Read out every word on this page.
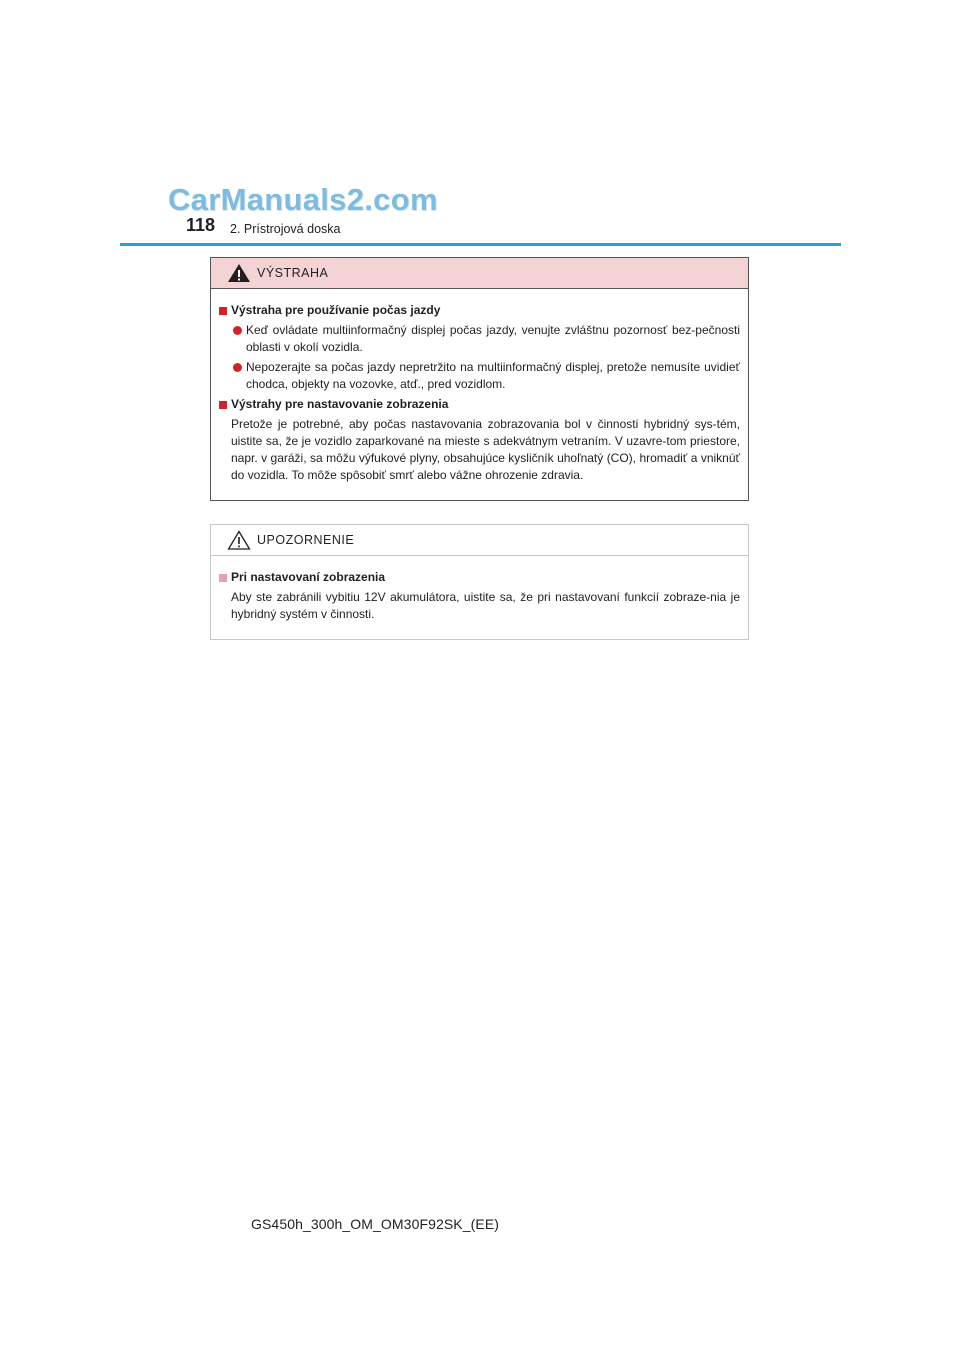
CarManuals2.com
118 2. Prístrojová doska
VÝSTRAHA
Výstraha pre používanie počas jazdy
Keď ovládate multiinformačný displej počas jazdy, venujte zvláštnu pozornosť bez-pečnosti oblasti v okolí vozidla.
Nepozerajte sa počas jazdy nepretržito na multiinformačný displej, pretože nemusíte uvidieť chodca, objekty na vozovke, atď., pred vozidlom.
Výstrahy pre nastavovanie zobrazenia
Pretože je potrebné, aby počas nastavovania zobrazovania bol v činnosti hybridný sys-tém, uistite sa, že je vozidlo zaparkované na mieste s adekvátnym vetraním. V uzavre-tom priestore, napr. v garáži, sa môžu výfukové plyny, obsahujúce kysličník uhoľnatý (CO), hromadiť a vniknúť do vozidla. To môže spôsobiť smrť alebo vážne ohrozenie zdravia.
UPOZORNENIE
Pri nastavovaní zobrazenia
Aby ste zabránili vybitiu 12V akumulátora, uistite sa, že pri nastavovaní funkcií zobraze-nia je hybridný systém v činnosti.
GS450h_300h_OM_OM30F92SK_(EE)
